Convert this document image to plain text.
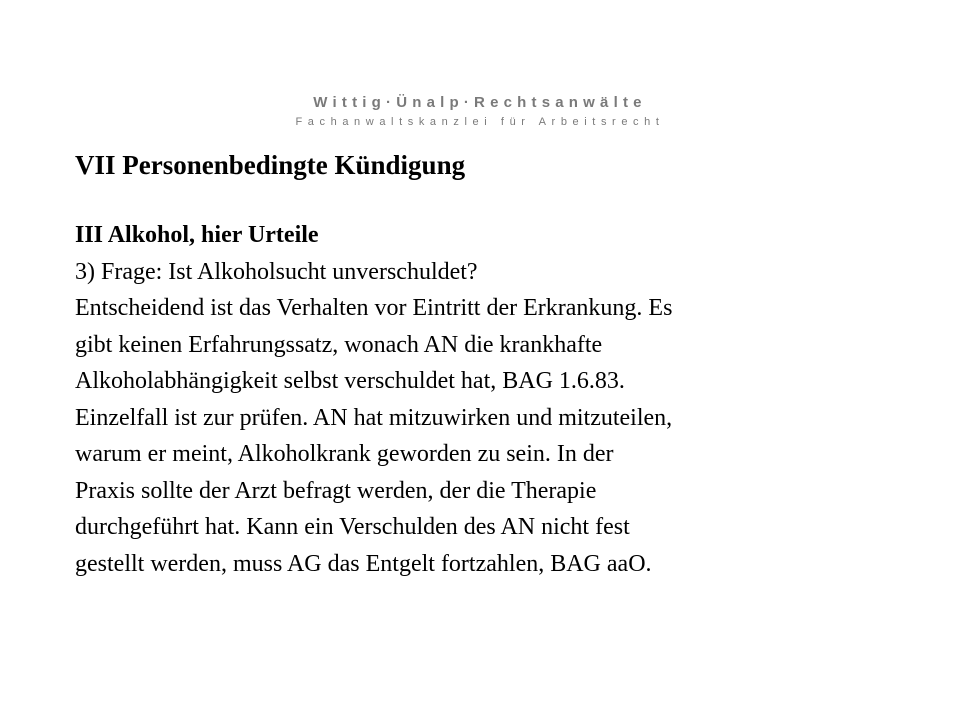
Wittig·Ünalp·Rechtsanwälte
Fachanwaltskanzlei für Arbeitsrecht
VII Personenbedingte Kündigung
III Alkohol, hier Urteile
3) Frage: Ist Alkoholsucht unverschuldet?
Entscheidend ist das Verhalten vor Eintritt der Erkrankung. Es
gibt keinen Erfahrungssatz, wonach AN die krankhafte
Alkoholabhängigkeit selbst verschuldet hat, BAG 1.6.83.
Einzelfall ist zur prüfen. AN hat mitzuwirken und mitzuteilen,
warum er meint, Alkoholkrank geworden zu sein. In der
Praxis sollte der Arzt befragt werden, der die Therapie
durchgeführt hat. Kann ein Verschulden des AN nicht fest
gestellt werden, muss AG das Entgelt fortzahlen, BAG aaO.
